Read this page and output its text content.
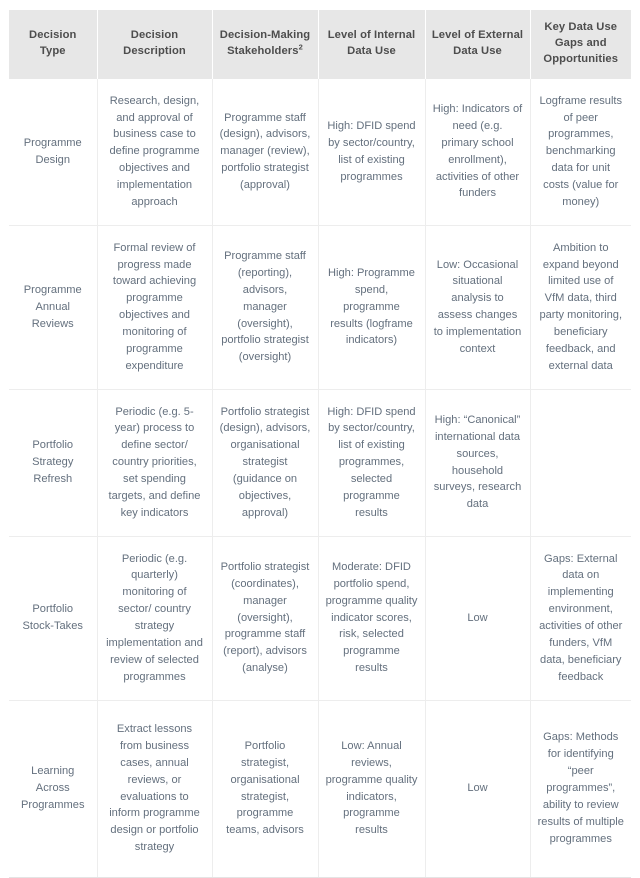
Decision Type	Decision Description	Decision-Making Stakeholders$^2$	Level of Internal Data Use	Level of External Data Use	Key Data Use Gaps and Opportunities
Programme Design	Research, design, and approval of business case to define programme objectives and implementation approach	Programme staff (design), advisors, manager (review), portfolio strategist (approval)	High: DFID spend by sector/country, list of existing programmes	High: Indicators of need (e.g. primary school enrollment), activities of other funders	Logframe results of peer programmes, benchmarking data for unit costs (value for money)
Programme Annual Reviews	Formal review of progress made toward achieving programme objectives and monitoring of programme expenditure	Programme staff (reporting), advisors, manager (oversight), portfolio strategist (oversight)	High: Programme spend, programme results (logframe indicators)	Low: Occasional situational analysis to assess changes to implementation context	Ambition to expand beyond limited use of VfM data, third party monitoring, beneficiary feedback, and external data
Portfolio Strategy Refresh	Periodic (e.g. 5-year) process to define sector/ country priorities, set spending targets, and define key indicators	Portfolio strategist (design), advisors, organisational strategist (guidance on objectives, approval)	High: DFID spend by sector/country, list of existing programmes, selected programme results	High: “Canonical” international data sources, household surveys, research data	
Portfolio Stock-Takes	Periodic (e.g. quarterly) monitoring of sector/ country strategy implementation and review of selected programmes	Portfolio strategist (coordinates), manager (oversight), programme staff (report), advisors (analyse)	Moderate: DFID portfolio spend, programme quality indicator scores, risk, selected programme results	Low	Gaps: External data on implementing environment, activities of other funders, VfM data, beneficiary feedback
Learning Across Programmes	Extract lessons from business cases, annual reviews, or evaluations to inform programme design or portfolio strategy	Portfolio strategist, organisational strategist, programme teams, advisors	Low: Annual reviews, programme quality indicators, programme results	Low	Gaps: Methods for identifying “peer programmes”, ability to review results of multiple programmes
